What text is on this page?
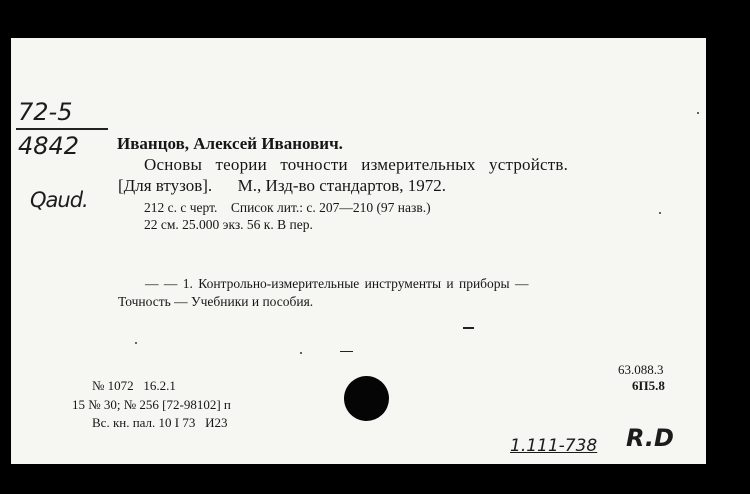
72-5
4842
Qaud.
Иванцов, Алексей Иванович.
Основы теории точности измерительных устройств.
[Для втузов].      М., Изд-во стандартов, 1972.
212 с. с черт.    Список лит.: с. 207—210 (97 назв.)
22 см. 25.000 экз. 56 к. В пер.
— — 1. Контрольно-измерительные инструменты и приборы —
Точность — Учебники и пособия.
63.088.3
6П5.8
№ 1072   16.2.1
15 № 30; № 256 [72-98102] п
Вс. кн. пал. 10 I 73   И23
1.111-738 R.D
